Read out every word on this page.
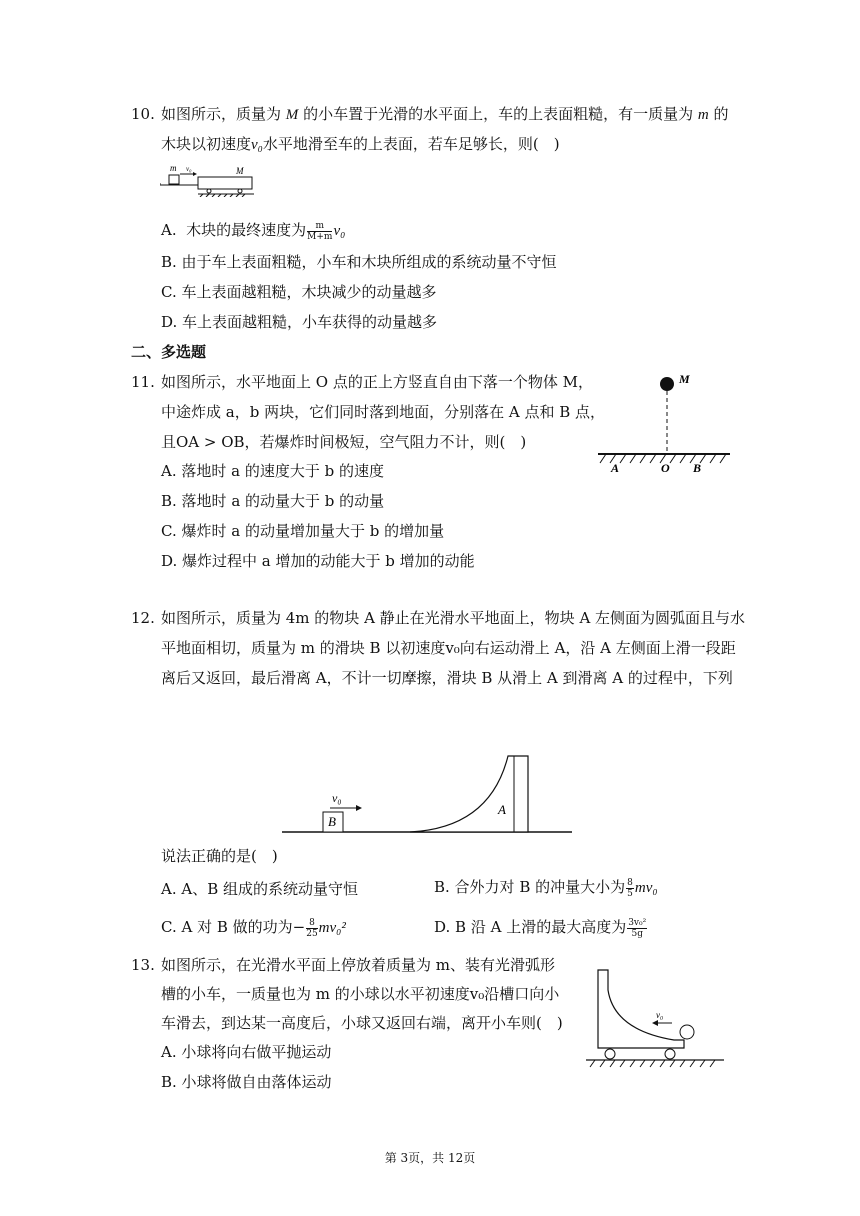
10. 如图所示，质量为 M 的小车置于光滑的水平面上，车的上表面粗糙，有一质量为 m 的
木块以初速度v₀水平地滑至车的上表面，若车足够长，则(　)
m v₀	M
A. 木块的最终速度为 $\frac{m}{M+m} v_0$
B. 由于车上表面粗糙，小车和木块所组成的系统动量不守恒
C. 车上表面越粗糙，木块减少的动量越多
D. 车上表面越粗糙，小车获得的动量越多
二、多选题
11. 如图所示，水平地面上 O 点的正上方竖直自由下落一个物体 M，
中途炸成 a，b 两块，它们同时落到地面，分别落在 A 点和 B 点，
且OA > OB，若爆炸时间极短，空气阻力不计，则(　)
A. 落地时 a 的速度大于 b 的速度
B. 落地时 a 的动量大于 b 的动量
C. 爆炸时 a 的动量增加量大于 b 的增加量
D. 爆炸过程中 a 增加的动能大于 b 增加的动能
M
A	O B
12. 如图所示，质量为 4m 的物块 A 静止在光滑水平地面上，物块 A 左侧面为圆弧面且与水
平地面相切，质量为 m 的滑块 B 以初速度v₀向右运动滑上 A，沿 A 左侧面上滑一段距
离后又返回，最后滑离 A，不计一切摩擦，滑块 B 从滑上 A 到滑离 A 的过程中，下列
B
v₀
A
说法正确的是(　)
A. A、B 组成的系统动量守恒	B. 合外力对 B 的冲量大小为 $\frac{8}{5} mv_0$
C. A 对 B 做的功为− $\frac{8}{25} mv_0^2$	D. B 沿 A 上滑的最大高度为 $\frac{\text{3v₀²}}{5g}$
13. 如图所示，在光滑水平面上停放着质量为 m、装有光滑弧形
槽的小车，一质量也为 m 的小球以水平初速度v₀沿槽口向小
车滑去，到达某一高度后，小球又返回右端，离开小车则(　)
A. 小球将向右做平抛运动
B. 小球将做自由落体运动
v₀
第 3页，共 12页
